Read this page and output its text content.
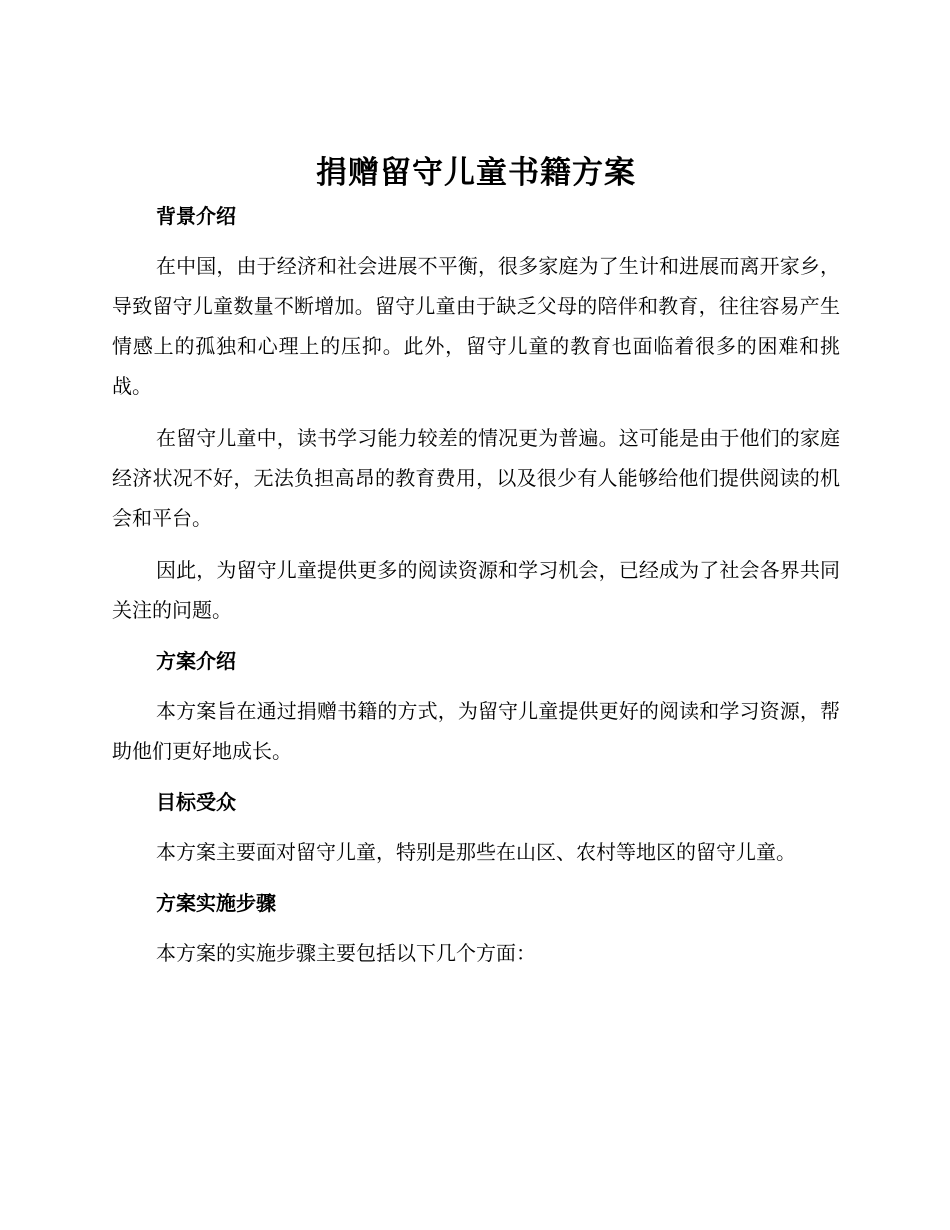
捐赠留守儿童书籍方案
背景介绍

在中国，由于经济和社会进展不平衡，很多家庭为了生计和进展而离开家乡，导致留守儿童数量不断增加。留守儿童由于缺乏父母的陪伴和教育，往往容易产生情感上的孤独和心理上的压抑。此外，留守儿童的教育也面临着很多的困难和挑战。

在留守儿童中，读书学习能力较差的情况更为普遍。这可能是由于他们的家庭经济状况不好，无法负担高昂的教育费用，以及很少有人能够给他们提供阅读的机会和平台。

因此，为留守儿童提供更多的阅读资源和学习机会，已经成为了社会各界共同关注的问题。

方案介绍

本方案旨在通过捐赠书籍的方式，为留守儿童提供更好的阅读和学习资源，帮助他们更好地成长。

目标受众

本方案主要面对留守儿童，特别是那些在山区、农村等地区的留守儿童。

方案实施步骤

本方案的实施步骤主要包括以下几个方面：
